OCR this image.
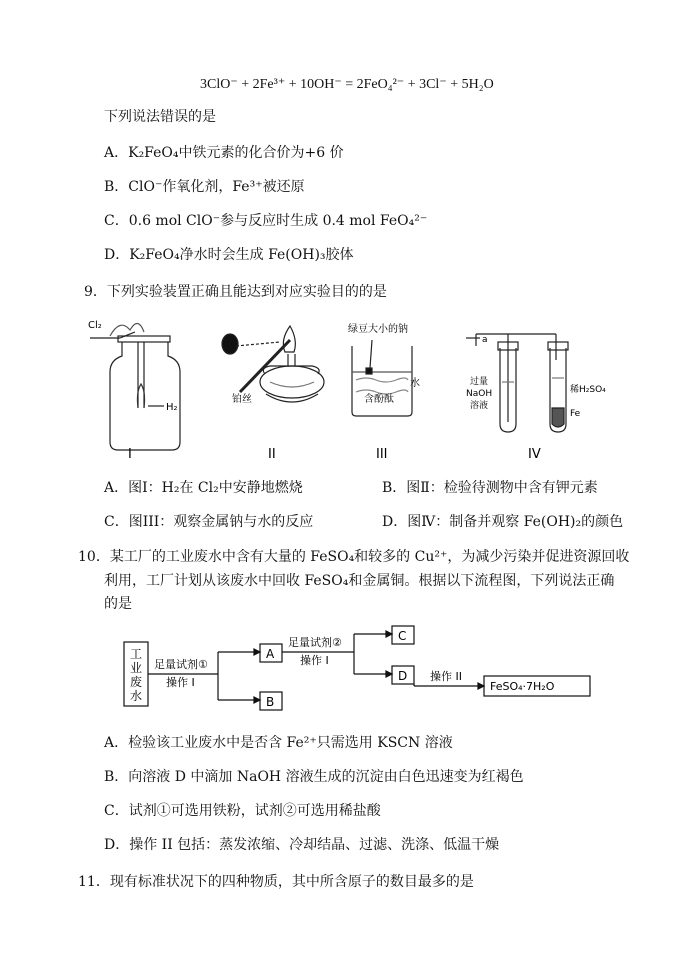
3ClO⁻ + 2Fe³⁺ + 10OH⁻ = 2FeO₄²⁻ + 3Cl⁻ + 5H₂O
下列说法错误的是
A．K₂FeO₄中铁元素的化合价为+6 价
B．ClO⁻作氧化剂，Fe³⁺被还原
C．0.6 mol ClO⁻参与反应时生成 0.4 mol FeO₄²⁻
D．K₂FeO₄净水时会生成 Fe(OH)₃胶体
9．下列实验装置正确且能达到对应实验目的的是
Cl₂
H₂
铂丝
绿豆大小的钠
水
含酚酞
a
过量
NaOH
溶液
稀H₂SO₄
Fe
I	II	III	IV
A．图Ⅰ：H₂在 Cl₂中安静地燃烧	B．图Ⅱ：检验待测物中含有钾元素
C．图III：观察金属钠与水的反应	D．图Ⅳ：制备并观察 Fe(OH)₂的颜色
10．某工厂的工业废水中含有大量的 FeSO₄和较多的 Cu²⁺，为减少污染并促进资源回收
利用，工厂计划从该废水中回收 FeSO₄和金属铜。根据以下流程图，下列说法正确
的是
工
业
废
水
足量试剂①
操作 I
A
B
足量试剂②
操作 I
C
D 操作 II
FeSO₄·7H₂O
A．检验该工业废水中是否含 Fe²⁺只需选用 KSCN 溶液
B．向溶液 D 中滴加 NaOH 溶液生成的沉淀由白色迅速变为红褐色
C．试剂①可选用铁粉，试剂②可选用稀盐酸
D．操作 II 包括：蒸发浓缩、冷却结晶、过滤、洗涤、低温干燥
11．现有标准状况下的四种物质，其中所含原子的数目最多的是
